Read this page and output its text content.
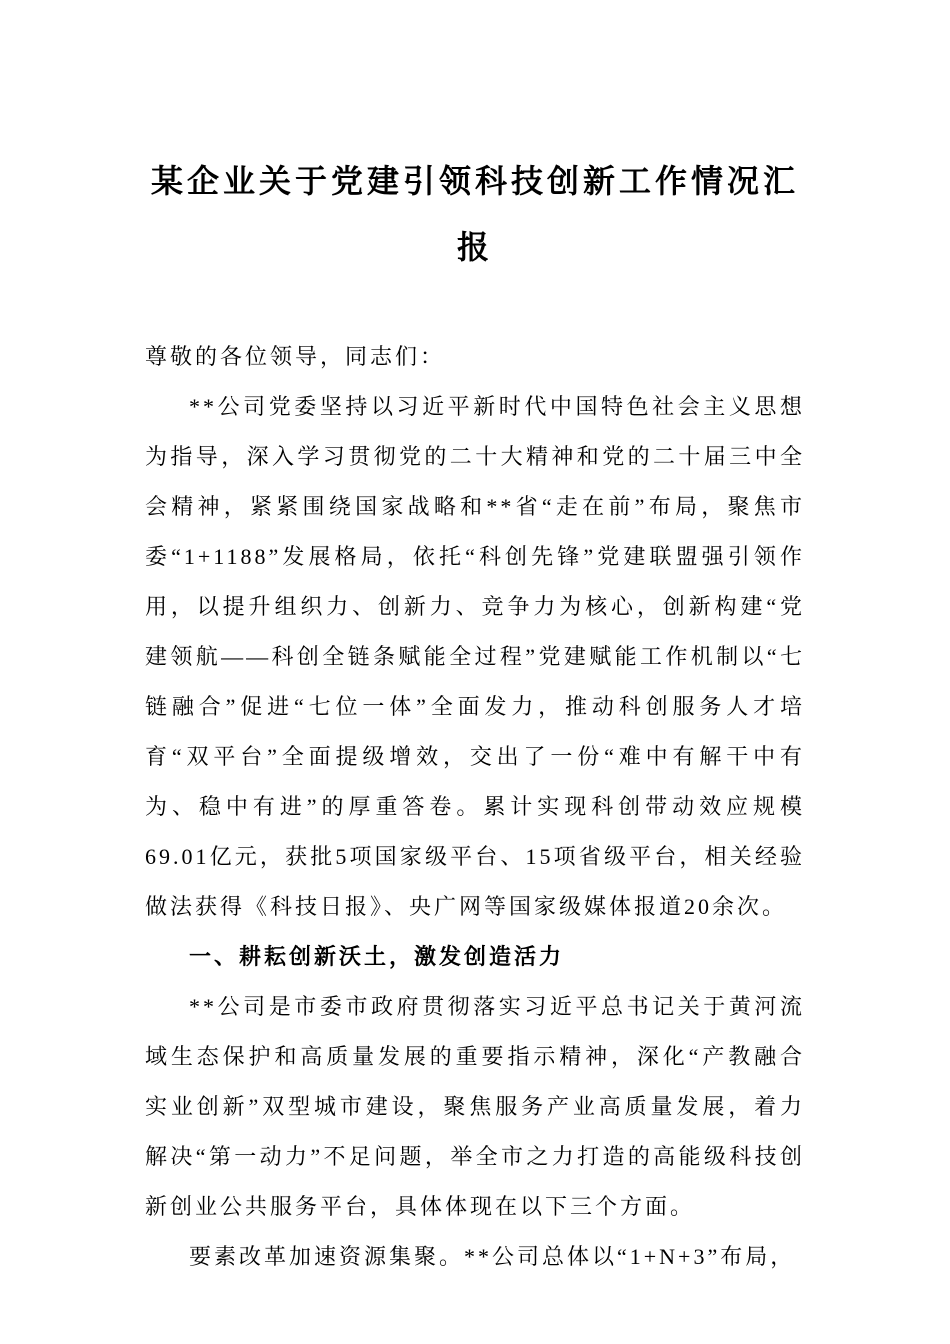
某企业关于党建引领科技创新工作情况汇报

尊敬的各位领导，同志们：

**公司党委坚持以习近平新时代中国特色社会主义思想为指导，深入学习贯彻党的二十大精神和党的二十届三中全会精神，紧紧围绕国家战略和**省“走在前”布局，聚焦市委“1+1188”发展格局，依托“科创先锋”党建联盟强引领作用，以提升组织力、创新力、竞争力为核心，创新构建“党建领航——科创全链条赋能全过程”党建赋能工作机制以“七链融合”促进“七位一体”全面发力，推动科创服务人才培育“双平台”全面提级增效，交出了一份“难中有解干中有为、稳中有进”的厚重答卷。累计实现科创带动效应规模69.01亿元，获批5项国家级平台、15项省级平台，相关经验做法获得《科技日报》、央广网等国家级媒体报道20余次。

一、耕耘创新沃土，激发创造活力

**公司是市委市政府贯彻落实习近平总书记关于黄河流域生态保护和高质量发展的重要指示精神，深化“产教融合实业创新”双型城市建设，聚焦服务产业高质量发展，着力解决“第一动力”不足问题，举全市之力打造的高能级科技创新创业公共服务平台，具体体现在以下三个方面。

要素改革加速资源集聚。**公司总体以“1+N+3”布局，
